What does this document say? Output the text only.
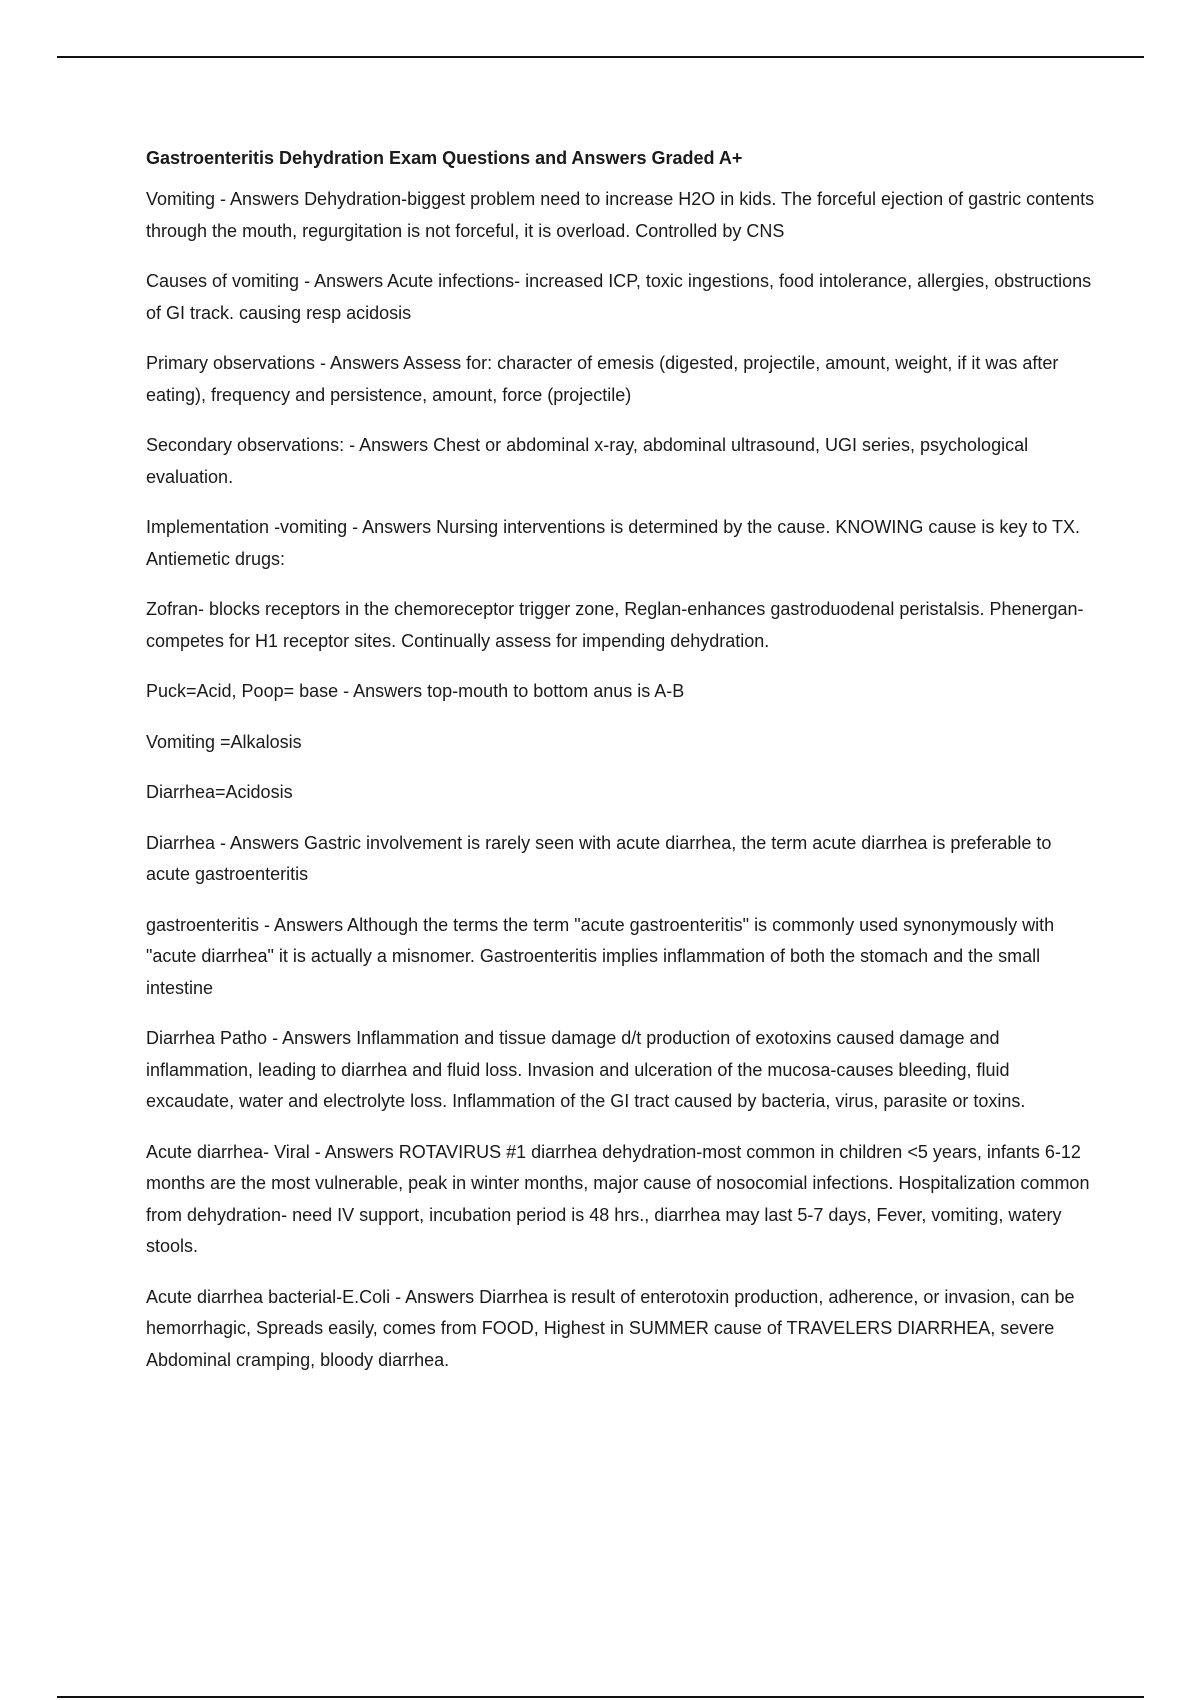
Gastroenteritis Dehydration Exam Questions and Answers Graded A+
Vomiting - Answers Dehydration-biggest problem need to increase H2O in kids. The forceful ejection of gastric contents through the mouth, regurgitation is not forceful, it is overload. Controlled by CNS
Causes of vomiting - Answers Acute infections- increased ICP, toxic ingestions, food intolerance, allergies, obstructions of GI track. causing resp acidosis
Primary observations - Answers Assess for: character of emesis (digested, projectile, amount, weight, if it was after eating), frequency and persistence, amount, force (projectile)
Secondary observations: - Answers Chest or abdominal x-ray, abdominal ultrasound, UGI series, psychological evaluation.
Implementation -vomiting - Answers Nursing interventions is determined by the cause. KNOWING cause is key to TX. Antiemetic drugs:
Zofran- blocks receptors in the chemoreceptor trigger zone, Reglan-enhances gastroduodenal peristalsis. Phenergan-competes for H1 receptor sites. Continually assess for impending dehydration.
Puck=Acid, Poop= base - Answers top-mouth to bottom anus is A-B
Vomiting =Alkalosis
Diarrhea=Acidosis
Diarrhea - Answers Gastric involvement is rarely seen with acute diarrhea, the term acute diarrhea is preferable to acute gastroenteritis
gastroenteritis - Answers Although the terms the term "acute gastroenteritis" is commonly used synonymously with "acute diarrhea" it is actually a misnomer. Gastroenteritis implies inflammation of both the stomach and the small intestine
Diarrhea Patho - Answers Inflammation and tissue damage d/t production of exotoxins caused damage and inflammation, leading to diarrhea and fluid loss. Invasion and ulceration of the mucosa-causes bleeding, fluid excaudate, water and electrolyte loss. Inflammation of the GI tract caused by bacteria, virus, parasite or toxins.
Acute diarrhea- Viral - Answers ROTAVIRUS #1 diarrhea dehydration-most common in children <5 years, infants 6-12 months are the most vulnerable, peak in winter months, major cause of nosocomial infections. Hospitalization common from dehydration- need IV support, incubation period is 48 hrs., diarrhea may last 5-7 days, Fever, vomiting, watery stools.
Acute diarrhea bacterial-E.Coli - Answers Diarrhea is result of enterotoxin production, adherence, or invasion, can be hemorrhagic, Spreads easily, comes from FOOD, Highest in SUMMER cause of TRAVELERS DIARRHEA, severe Abdominal cramping, bloody diarrhea.
